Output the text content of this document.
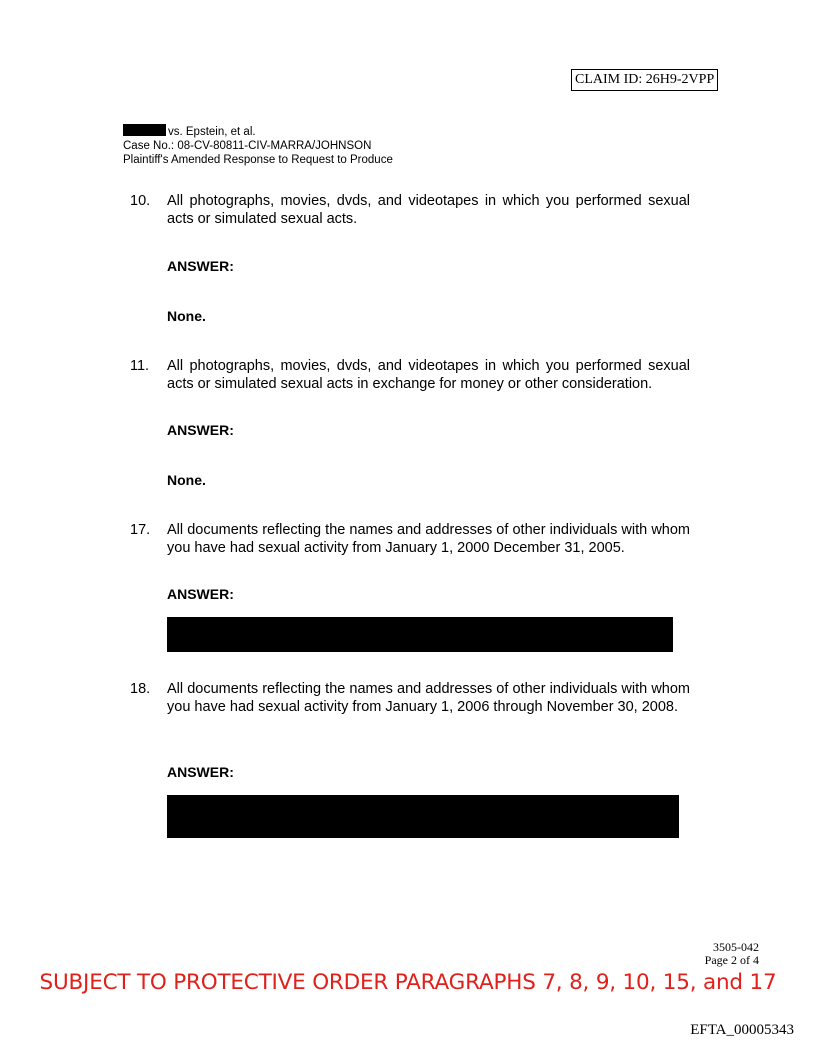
CLAIM ID: 26H9-2VPP
vs. Epstein, et al.
Case No.: 08-CV-80811-CIV-MARRA/JOHNSON
Plaintiff's Amended Response to Request to Produce
10. All photographs, movies, dvds, and videotapes in which you performed sexual acts or simulated sexual acts.
ANSWER:
None.
11. All photographs, movies, dvds, and videotapes in which you performed sexual acts or simulated sexual acts in exchange for money or other consideration.
ANSWER:
None.
17. All documents reflecting the names and addresses of other individuals with whom you have had sexual activity from January 1, 2000 December 31, 2005.
ANSWER:
18. All documents reflecting the names and addresses of other individuals with whom you have had sexual activity from January 1, 2006 through November 30, 2008.
ANSWER:
2
3505-042
Page 2 of 4
SUBJECT TO PROTECTIVE ORDER PARAGRAPHS 7, 8, 9, 10, 15, and 17
EFTA_00005343
